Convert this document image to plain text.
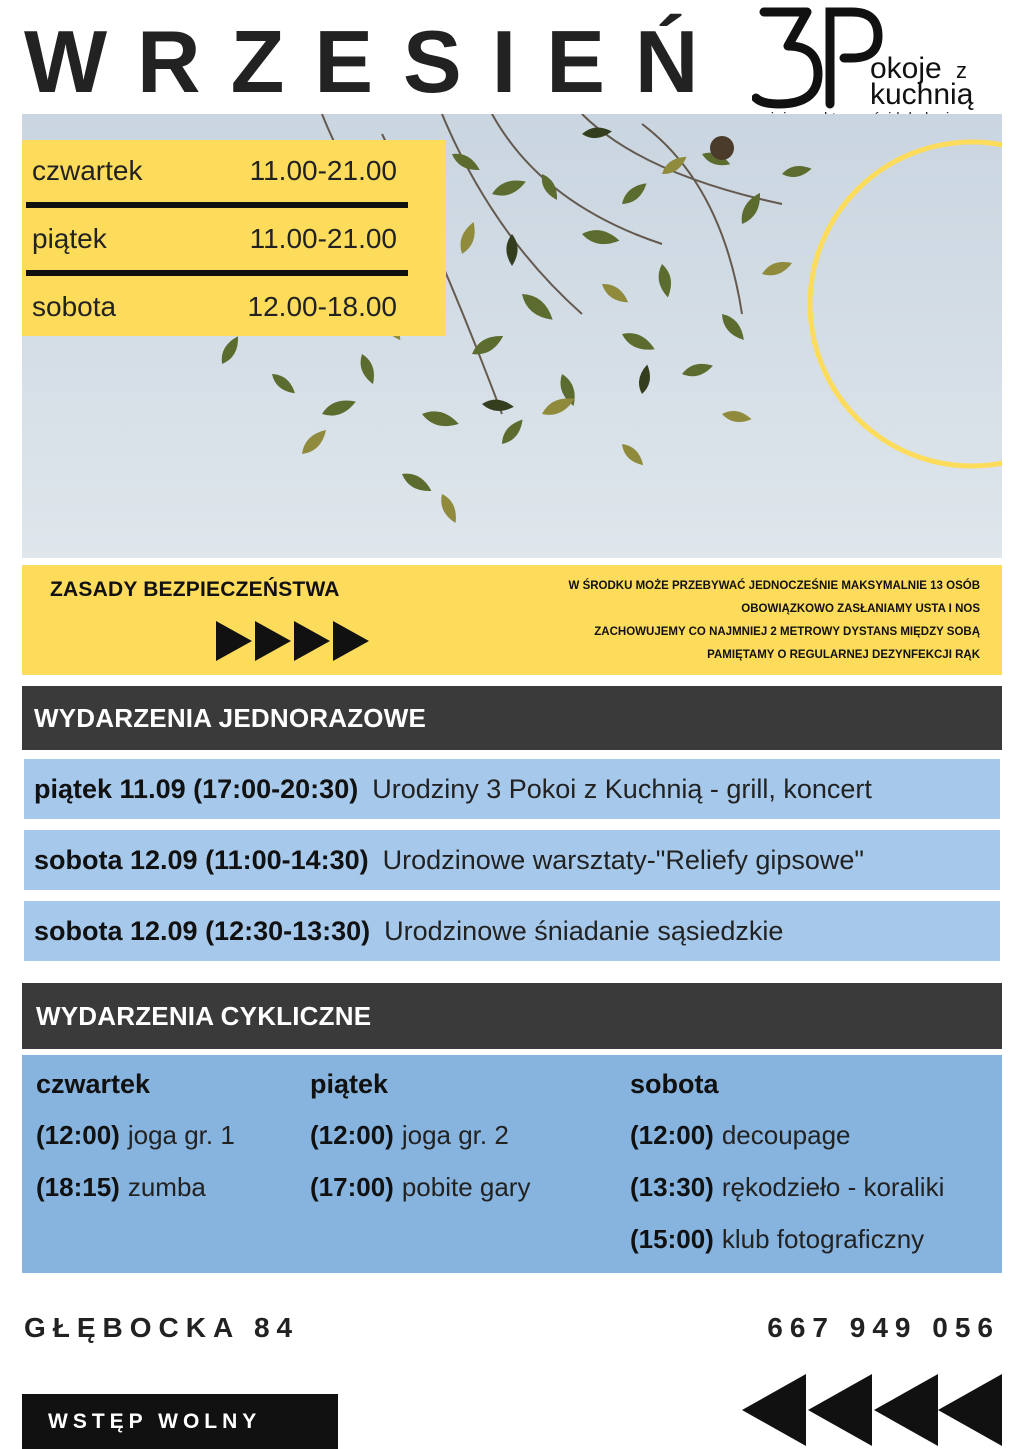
WRZESIEŃ	okoje z
kuchnią
czwartek	11.00-21.00
piątek	11.00-21.00
sobota	12.00-18.00
ZASADY BEZPIECZEŃSTWA	W ŚRODKU MOŻE PRZEBYWAĆ JEDNOCZEŚNIE MAKSYMALNIE 13 OSÓB
OBOWIĄZKOWO ZASŁANIAMY USTA I NOS
ZACHOWUJEMY CO NAJMNIEJ 2 METROWY DYSTANS MIĘDZY SOBĄ
PAMIĘTAMY O REGULARNEJ DEZYNFEKCJI RĄK
WYDARZENIA JEDNORAZOWE
piątek 11.09 (17:00-20:30) Urodziny 3 Pokoi z Kuchnią - grill, koncert
sobota 12.09 (11:00-14:30) Urodzinowe warsztaty-"Reliefy gipsowe"
sobota 12.09 (12:30-13:30) Urodzinowe śniadanie sąsiedzkie
WYDARZENIA CYKLICZNE
czwartek
(12:00) joga gr. 1
(18:15) zumba
piątek
(12:00) joga gr. 2
(17:00) pobite gary
sobota
(12:00) decoupage
(13:30) rękodzieło - koraliki
(15:00) klub fotograficzny
GŁĘBOCKA 84	667 949 056
WSTĘP WOLNY
